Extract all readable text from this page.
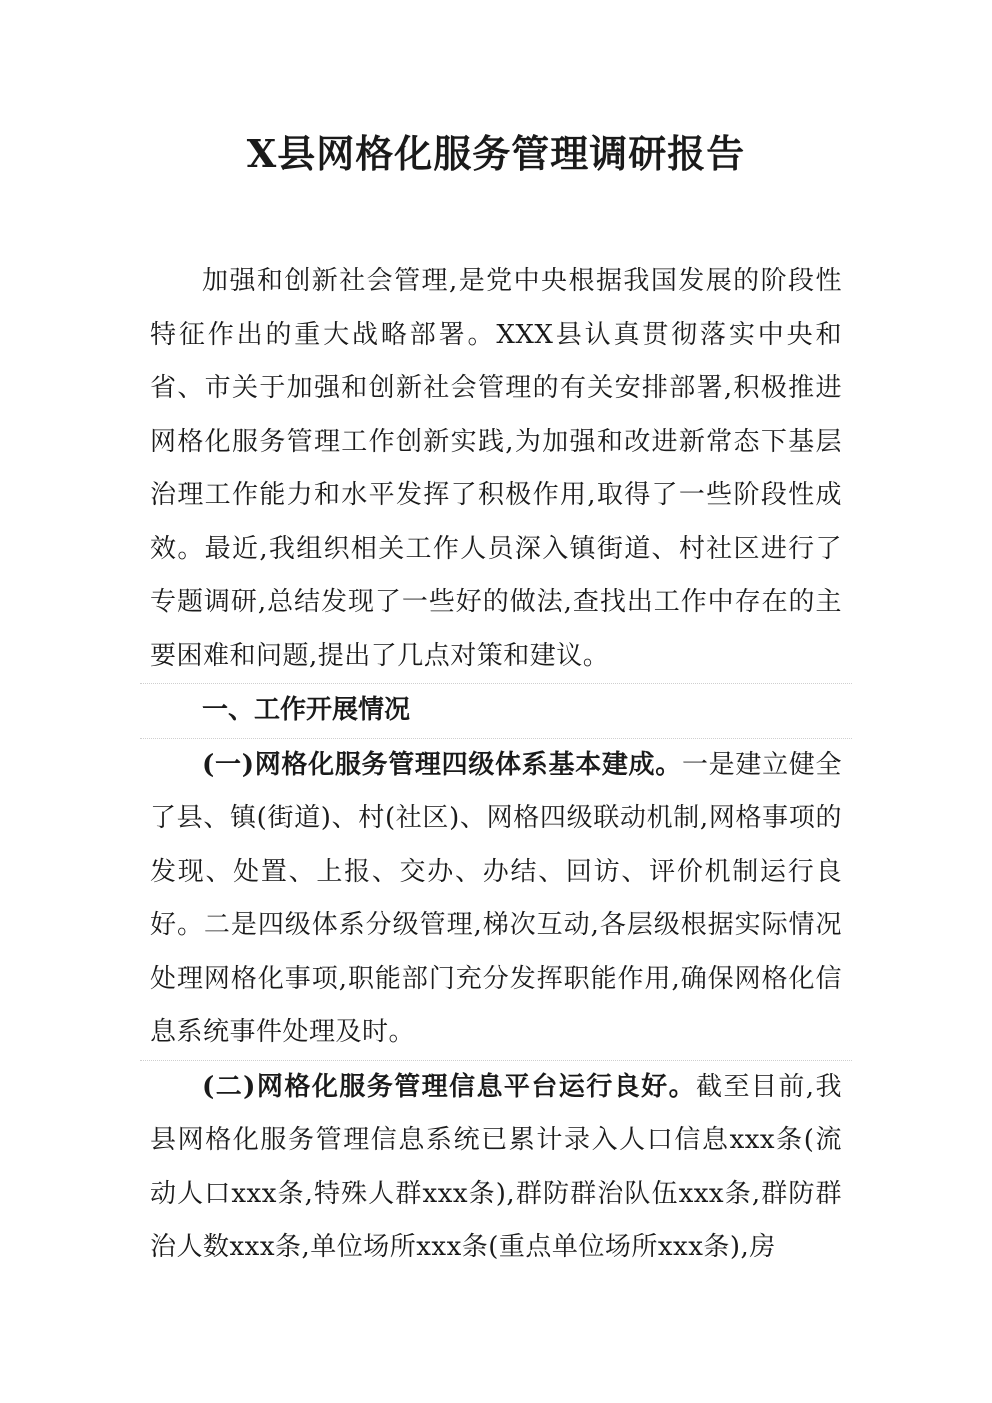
X县网格化服务管理调研报告

加强和创新社会管理,是党中央根据我国发展的阶段性特征作出的重大战略部署。XXX县认真贯彻落实中央和省、市关于加强和创新社会管理的有关安排部署,积极推进网格化服务管理工作创新实践,为加强和改进新常态下基层治理工作能力和水平发挥了积极作用,取得了一些阶段性成效。最近,我组织相关工作人员深入镇街道、村社区进行了专题调研,总结发现了一些好的做法,查找出工作中存在的主要困难和问题,提出了几点对策和建议。

一、工作开展情况

(一)网格化服务管理四级体系基本建成。一是建立健全了县、镇(街道)、村(社区)、网格四级联动机制,网格事项的发现、处置、上报、交办、办结、回访、评价机制运行良好。二是四级体系分级管理,梯次互动,各层级根据实际情况处理网格化事项,职能部门充分发挥职能作用,确保网格化信息系统事件处理及时。

(二)网格化服务管理信息平台运行良好。截至目前,我县网格化服务管理信息系统已累计录入人口信息xxx条(流动人口xxx条,特殊人群xxx条),群防群治队伍xxx条,群防群治人数xxx条,单位场所xxx条(重点单位场所xxx条),房
